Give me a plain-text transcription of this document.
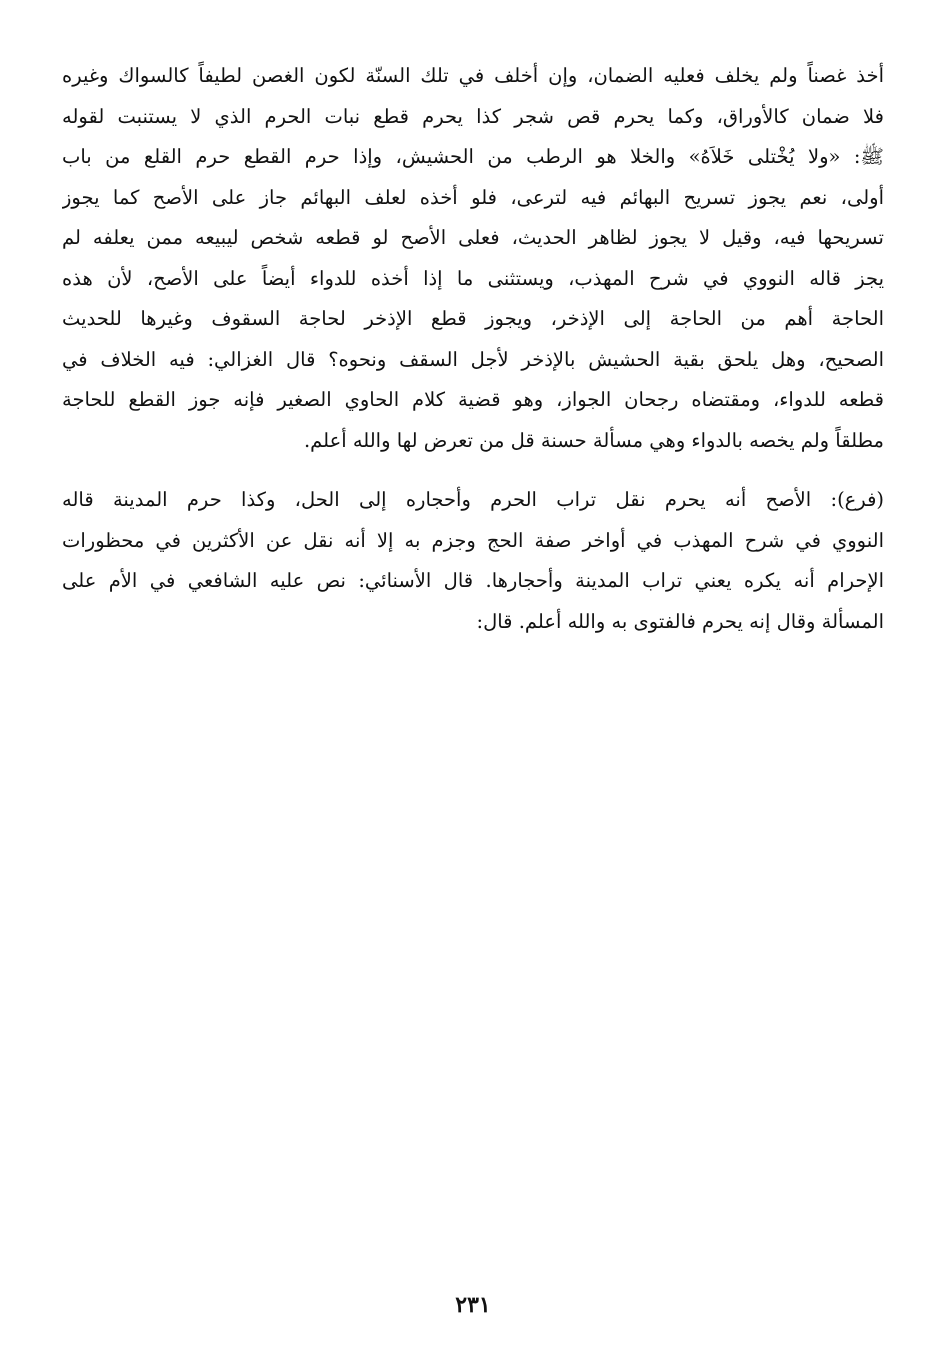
أخذ غصناً ولم يخلف فعليه الضمان، وإن أخلف في تلك السنّة لكون الغصن لطيفاً كالسواك وغيره
فلا ضمان كالأوراق، وكما يحرم قص شجر كذا يحرم قطع نبات الحرم الذي لا يستنبت لقوله
ﷺ: «ولا يُخْتلى خَلاَهُ» والخلا هو الرطب من الحشيش، وإذا حرم القطع حرم القلع من باب
أولى، نعم يجوز تسريح البهائم فيه لترعى، فلو أخذه لعلف البهائم جاز على الأصح كما يجوز
تسريحها فيه، وقيل لا يجوز لظاهر الحديث، فعلى الأصح لو قطعه شخص ليبيعه ممن يعلفه لم
يجز قاله النووي في شرح المهذب، ويستثنى ما إذا أخذه للدواء أيضاً على الأصح، لأن هذه
الحاجة أهم من الحاجة إلى الإذخر، ويجوز قطع الإذخر لحاجة السقوف وغيرها للحديث
الصحيح، وهل يلحق بقية الحشيش بالإذخر لأجل السقف ونحوه؟ قال الغزالي: فيه الخلاف في
قطعه للدواء، ومقتضاه رجحان الجواز، وهو قضية كلام الحاوي الصغير فإنه جوز القطع للحاجة
مطلقاً ولم يخصه بالدواء وهي مسألة حسنة قل من تعرض لها والله أعلم.
(فرع): الأصح أنه يحرم نقل تراب الحرم وأحجاره إلى الحل، وكذا حرم المدينة قاله
النووي في شرح المهذب في أواخر صفة الحج وجزم به إلا أنه نقل عن الأكثرين في محظورات
الإحرام أنه يكره يعني تراب المدينة وأحجارها. قال الأسنائي: نص عليه الشافعي في الأم على
المسألة وقال إنه يحرم فالفتوى به والله أعلم. قال:
٢٣١
